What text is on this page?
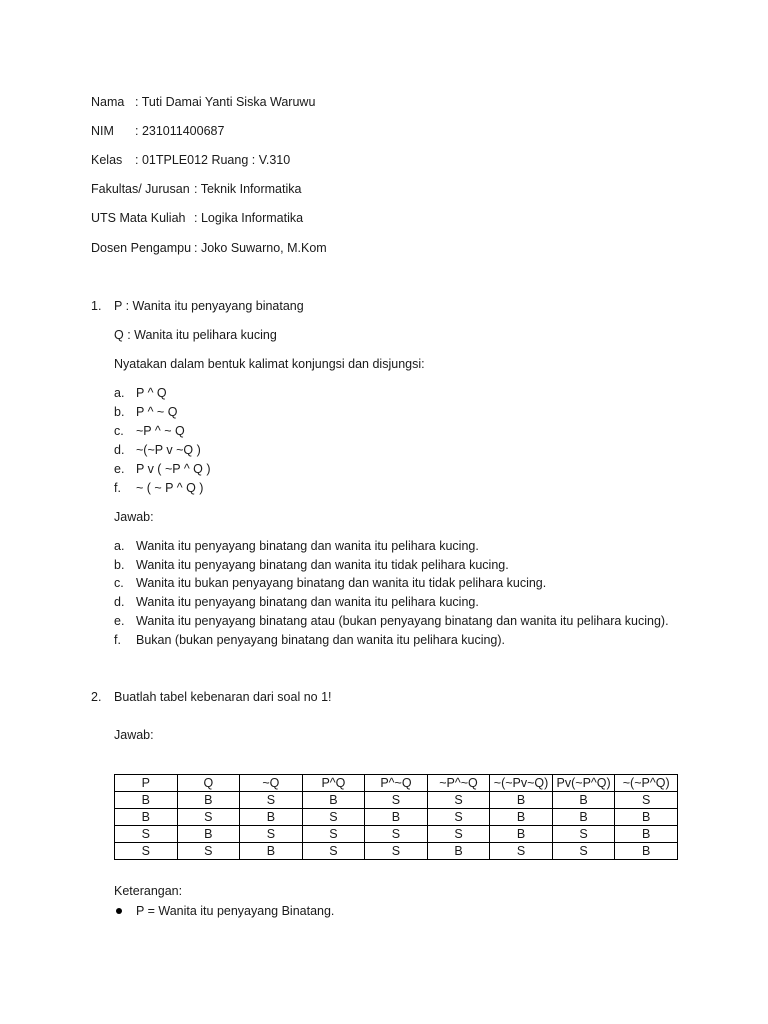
Nama : Tuti Damai Yanti Siska Waruwu
NIM : 231011400687
Kelas : 01TPLE012 Ruang : V.310
Fakultas/ Jurusan : Teknik Informatika
UTS Mata Kuliah : Logika Informatika
Dosen Pengampu : Joko Suwarno, M.Kom
1. P : Wanita itu penyayang binatang
Q : Wanita itu pelihara kucing
Nyatakan dalam bentuk kalimat konjungsi dan disjungsi:
a. P ^ Q
b. P ^ ~ Q
c. ~P ^ ~ Q
d. ~(~P v ~Q )
e. P v ( ~P ^ Q )
f. ~ ( ~ P ^ Q )
Jawab:
a. Wanita itu penyayang binatang dan wanita itu pelihara kucing.
b. Wanita itu penyayang binatang dan wanita itu tidak pelihara kucing.
c. Wanita itu bukan penyayang binatang dan wanita itu tidak pelihara kucing.
d. Wanita itu penyayang binatang dan wanita itu pelihara kucing.
e. Wanita itu penyayang binatang atau (bukan penyayang binatang dan wanita itu pelihara kucing).
f. Bukan (bukan penyayang binatang dan wanita itu pelihara kucing).
2. Buatlah tabel kebenaran dari soal no 1!
Jawab:
P	Q	~Q	P^Q	P^~Q	~P^~Q	~(~Pv~Q)	Pv(~P^Q)	~(~P^Q)
B	B	S	B	S	S	B	B	S
B	S	B	S	B	S	B	B	B
S	B	S	S	S	S	B	S	B
S	S	B	S	S	B	S	S	B
Keterangan:
P = Wanita itu penyayang Binatang.
